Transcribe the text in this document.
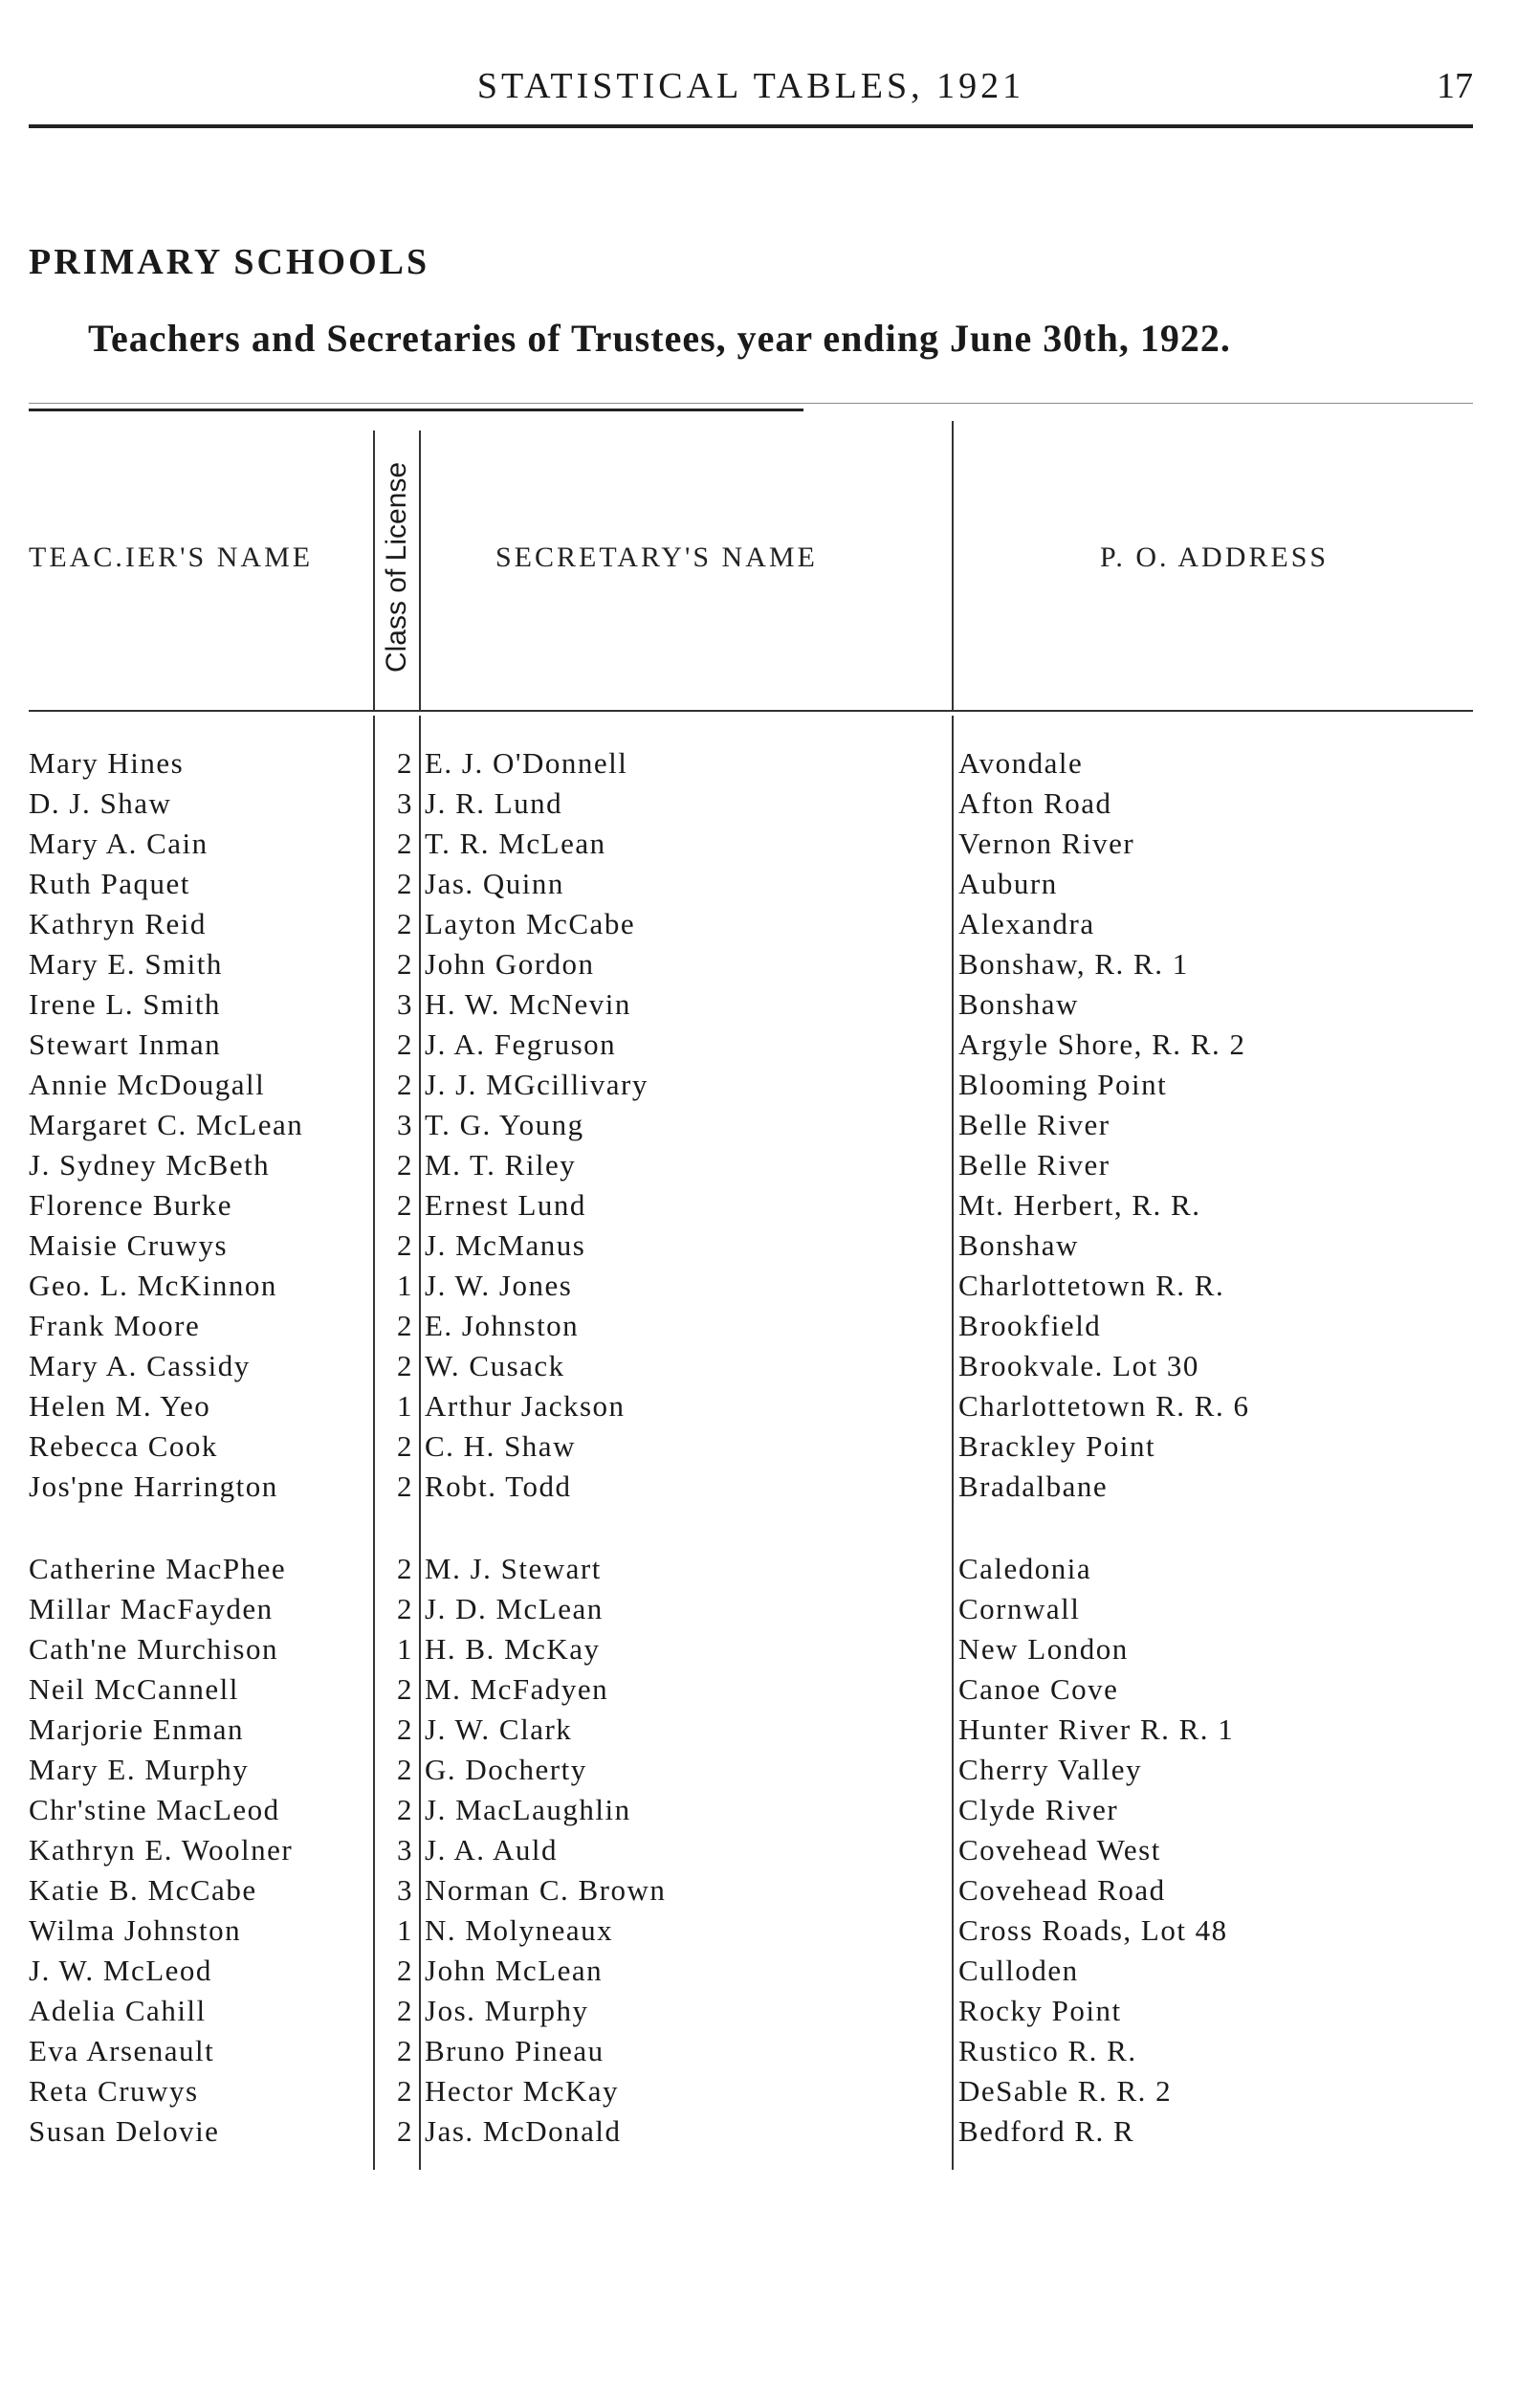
STATISTICAL TABLES, 1921	17
PRIMARY SCHOOLS
Teachers and Secretaries of Trustees, year ending June 30th, 1922.
TEAC.IER'S NAME Class of License	SECRETARY'S NAME	P. O. ADDRESS
Mary Hines	2 E. J. O'Donnell	Avondale
D. J. Shaw	3 J. R. Lund	Afton Road
Mary A. Cain	2 T. R. McLean	Vernon River
Ruth Paquet	2 Jas. Quinn	Auburn
Kathryn Reid	2 Layton McCabe	Alexandra
Mary E. Smith	2 John Gordon	Bonshaw, R. R. 1
Irene L. Smith	3 H. W. McNevin	Bonshaw
Stewart Inman	2 J. A. Fegruson	Argyle Shore, R. R. 2
Annie McDougall	2 J. J. MGcillivary	Blooming Point
Margaret C. McLean	3 T. G. Young	Belle River
J. Sydney McBeth	2 M. T. Riley	Belle River
Florence Burke	2 Ernest Lund	Mt. Herbert, R. R.
Maisie Cruwys	2 J. McManus	Bonshaw
Geo. L. McKinnon	1 J. W. Jones	Charlottetown R. R.
Frank Moore	2 E. Johnston	Brookfield
Mary A. Cassidy	2 W. Cusack	Brookvale. Lot 30
Helen M. Yeo	1 Arthur Jackson	Charlottetown R. R. 6
Rebecca Cook	2 C. H. Shaw	Brackley Point
Jos'pne Harrington	2 Robt. Todd	Bradalbane
Catherine MacPhee	2 M. J. Stewart	Caledonia
Millar MacFayden	2 J. D. McLean	Cornwall
Cath'ne Murchison	1 H. B. McKay	New London
Neil McCannell	2 M. McFadyen	Canoe Cove
Marjorie Enman	2 J. W. Clark	Hunter River R. R. 1
Mary E. Murphy	2 G. Docherty	Cherry Valley
Chr'stine MacLeod	2 J. MacLaughlin	Clyde River
Kathryn E. Woolner	3 J. A. Auld	Covehead West
Katie B. McCabe	3 Norman C. Brown	Covehead Road
Wilma Johnston	1 N. Molyneaux	Cross Roads, Lot 48
J. W. McLeod	2 John McLean	Culloden
Adelia Cahill	2 Jos. Murphy	Rocky Point
Eva Arsenault	2 Bruno Pineau	Rustico R. R.
Reta Cruwys	2 Hector McKay	DeSable R. R. 2
Susan Delovie	2 Jas. McDonald	Bedford R. R
